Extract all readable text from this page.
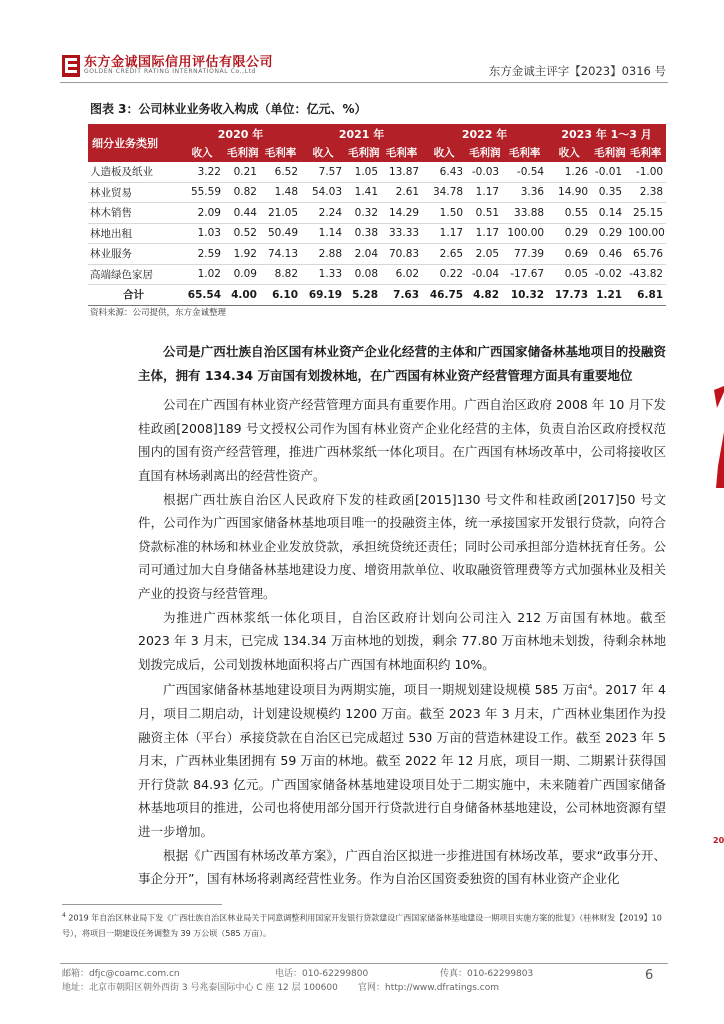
东方金诚国际信用评估有限公司
GOLDEN CREDIT RATING INTERNATIONAL Co.,Ltd	东方金诚主评字【2023】0316 号
图表 3：公司林业业务收入构成（单位：亿元、%）
细分业务类别	2020 年			2021 年			2022 年			2023 年 1～3 月		
	收入	毛利润	毛利率	收入	毛利润	毛利率	收入	毛利润	毛利率	收入	毛利润	毛利率
人造板及纸业	3.22	0.21	6.52	7.57	1.05	13.87	6.43	-0.03	-0.54	1.26	-0.01	-1.00
林业贸易	55.59	0.82	1.48	54.03	1.41	2.61	34.78	1.17	3.36	14.90	0.35	2.38
林木销售	2.09	0.44	21.05	2.24	0.32	14.29	1.50	0.51	33.88	0.55	0.14	25.15
林地出租	1.03	0.52	50.49	1.14	0.38	33.33	1.17	1.17	100.00	0.29	0.29	100.00
林业服务	2.59	1.92	74.13	2.88	2.04	70.83	2.65	2.05	77.39	0.69	0.46	65.76
高端绿色家居	1.02	0.09	8.82	1.33	0.08	6.02	0.22	-0.04	-17.67	0.05	-0.02	-43.82
合计	65.54	4.00	6.10	69.19	5.28	7.63	46.75	4.82	10.32	17.73	1.21	6.81
资料来源：公司提供，东方金诚整理

公司是广西壮族自治区国有林业资产企业化经营的主体和广西国家储备林基地项目的投融资主体，拥有 134.34 万亩国有划拨林地，在广西国有林业资产经营管理方面具有重要地位

公司在广西国有林业资产经营管理方面具有重要作用。广西自治区政府 2008 年 10 月下发桂政函[2008]189 号文授权公司作为国有林业资产企业化经营的主体，负责自治区政府授权范围内的国有资产经营管理，推进广西林浆纸一体化项目。在广西国有林场改革中，公司将接收区直国有林场剥离出的经营性资产。

根据广西壮族自治区人民政府下发的桂政函[2015]130 号文件和桂政函[2017]50 号文件，公司作为广西国家储备林基地项目唯一的投融资主体，统一承接国家开发银行贷款，向符合贷款标准的林场和林业企业发放贷款，承担统贷统还责任；同时公司承担部分造林抚育任务。公司可通过加大自身储备林基地建设力度、增资用款单位、收取融资管理费等方式加强林业及相关产业的投资与经营管理。

为推进广西林浆纸一体化项目，自治区政府计划向公司注入 212 万亩国有林地。截至 2023 年 3 月末，已完成 134.34 万亩林地的划拨，剩余 77.80 万亩林地未划拨，待剩余林地划拨完成后，公司划拨林地面积将占广西国有林地面积约 10%。

广西国家储备林基地建设项目为两期实施，项目一期规划建设规模 585 万亩$^4$。2017 年 4 月，项目二期启动，计划建设规模约 1200 万亩。截至 2023 年 3 月末，广西林业集团作为投融资主体（平台）承接贷款在自治区已完成超过 530 万亩的营造林建设工作。截至 2023 年 5 月末，广西林业集团拥有 59 万亩的林地。截至 2022 年 12 月底，项目一期、二期累计获得国开行贷款 84.93 亿元。广西国家储备林基地建设项目处于二期实施中，未来随着广西国家储备林基地项目的推进，公司也将使用部分国开行贷款进行自身储备林基地建设，公司林地资源有望进一步增加。

根据《广西国有林场改革方案》，广西自治区拟进一步推进国有林场改革，要求“政事分开、事企分开”，国有林场将剥离经营性业务。作为自治区国资委独资的国有林业资产企业化

$^4$ 2019 年自治区林业局下发《广西壮族自治区林业局关于同意调整利用国家开发银行贷款建设广西国家储备林基地建设一期项目实施方案的批复》（桂林财发【2019】10 号），将项目一期建设任务调整为 39 万公顷（585 万亩）。
邮箱：dfjc@coamc.com.cn	电话：010-62299800	传真：010-62299803
地址：北京市朝阳区朝外西街 3 号兆泰国际中心 C 座 12 层 100600 官网：http://www.dfratings.com
6
20
